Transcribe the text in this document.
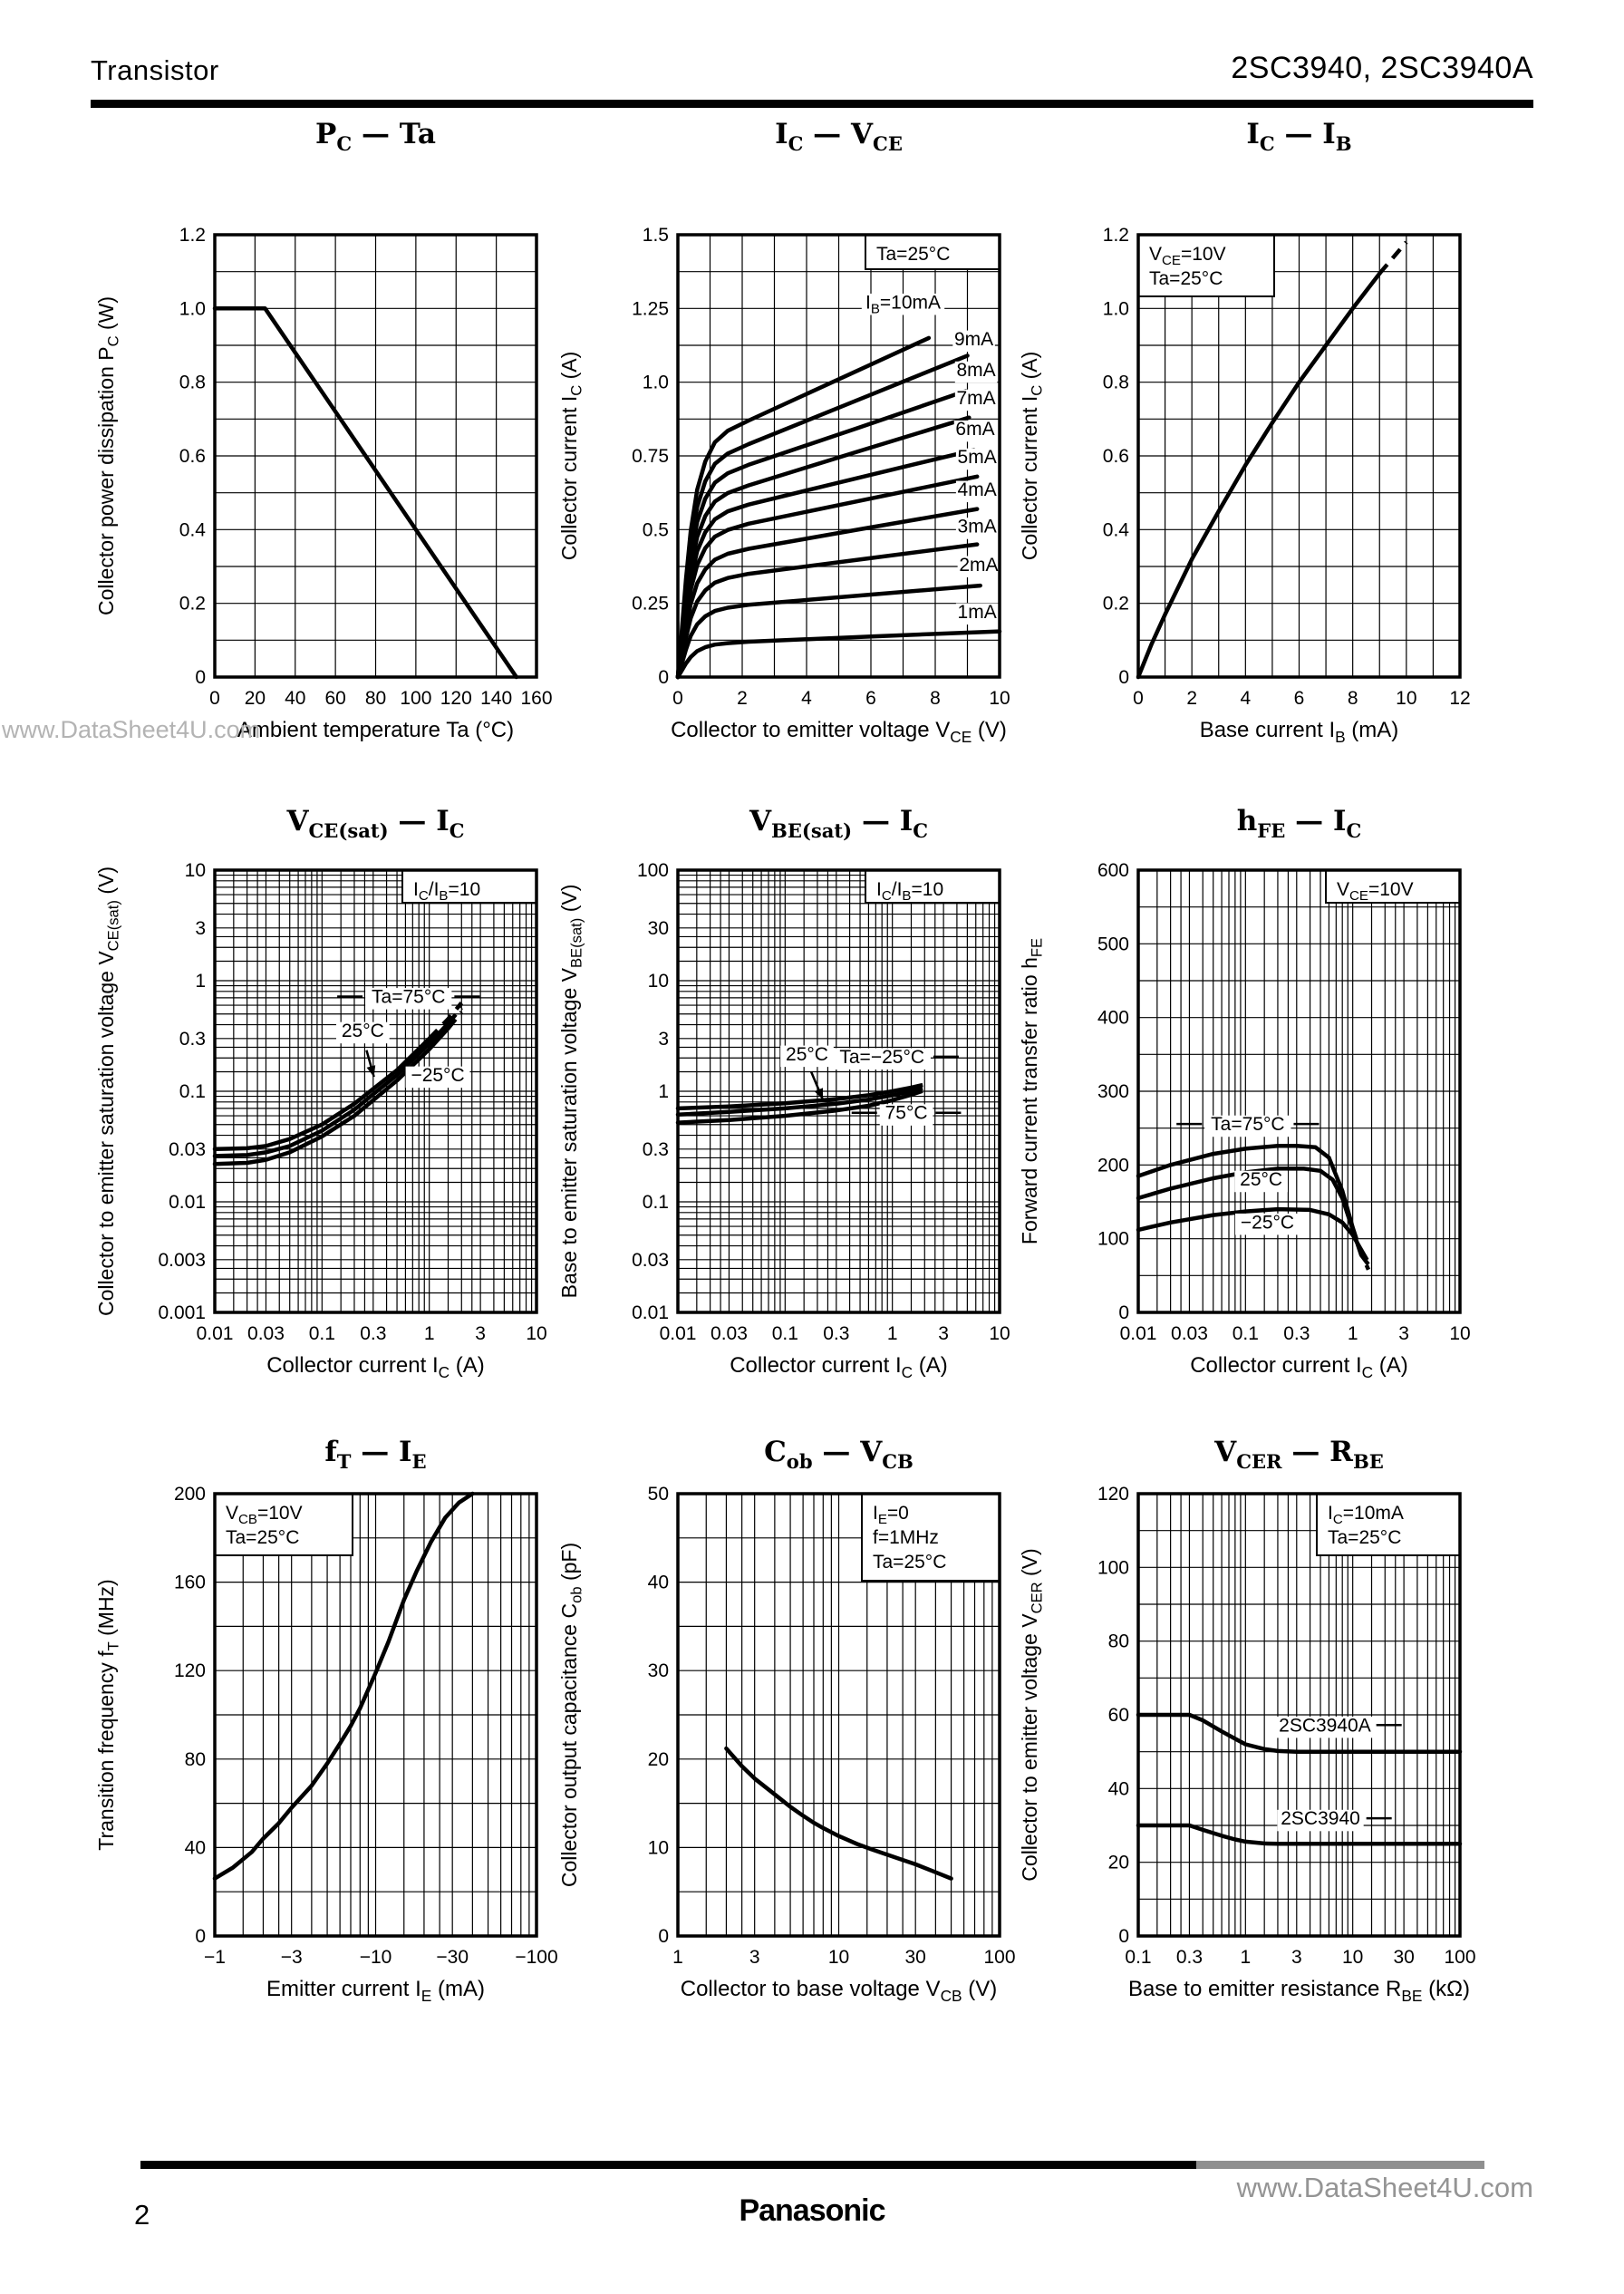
Transistor	2SC3940, 2SC3940A
0 20 40 60 80 100 120 140 160
0
0.2
0.4
0.6
0.8
1.0
1.2
Ambient temperature Ta (°C)
Collector power dissipation $P_C$ (W)
$P_C$ — Ta
Ta=25°C
$I_B=10mA$
9mA
8mA
7mA
6mA
5mA
4mA
3mA
2mA
1mA
0	2	4	6	8	10
0
0.25
0.5
0.75
1.0
1.25
1.5
Collector to emitter voltage $V_{CE}$ (V)
Collector current $I_C$ (A)
$I_C$ — $V_{CE}$
$V_{CE}=10V$
Ta=25°C
0 2 4 6 8 10 12
0
0.2
0.4
0.6
0.8
1.0
1.2
Base current $I_B$ (mA)
Collector current $I_C$ (A)
$I_C$ — $I_B$
$I_C/I_B=10$
Ta=75°C
25°C
−25°C
0.01 0.03 0.1 0.3 1 3 10
0.001
0.003
0.01
0.03
0.1
0.3
1
3
10
Collector current $I_C$ (A)
Collector to emitter saturation voltage $V_{CE(sat)}$ (V)
$V_{CE(sat)}$ — $I_C$
$I_C/I_B=10$
Ta=−25°C
25°C
75°C
0.01 0.03 0.1 0.3 1 3 10
0.01
0.03
0.1
0.3
1
3
10
30
100
Collector current $I_C$ (A)
Base to emitter saturation voltage $V_{BE(sat)}$ (V)
$V_{BE(sat)}$ — $I_C$
$V_{CE}=10V$
Ta=75°C
25°C
−25°C
0.01 0.03 0.1 0.3 1 3 10
0
100
200
300
400
500
600
Collector current $I_C$ (A)
Forward current transfer ratio $h_{FE}$
$h_{FE}$ — $I_C$
$V_{CB}=10V$
Ta=25°C
−1	−3	−10 −30 −100
0
40
80
120
160
200
Emitter current $I_E$ (mA)
Transition frequency $f_T$ (MHz)
$f_T$ — $I_E$
$I_E=0$
f=1MHz
Ta=25°C
1	3	10	30	100
0
10
20
30
40
50
Collector to base voltage $V_{CB}$ (V)
Collector output capacitance $C_{ob}$ (pF)
$C_{ob}$ — $V_{CB}$
$I_C=10mA$
Ta=25°C
2SC3940A
2SC3940
0.1 0.3 1 3 10 30 100
0
20
40
60
80
100
120
Base to emitter resistance $R_{BE}$ (kΩ)
Collector to emitter voltage $V_{CER}$ (V)
$V_{CER}$ — $R_{BE}$
www.DataSheet4U.com
www.DataSheet4U.com
2	Panasonic
